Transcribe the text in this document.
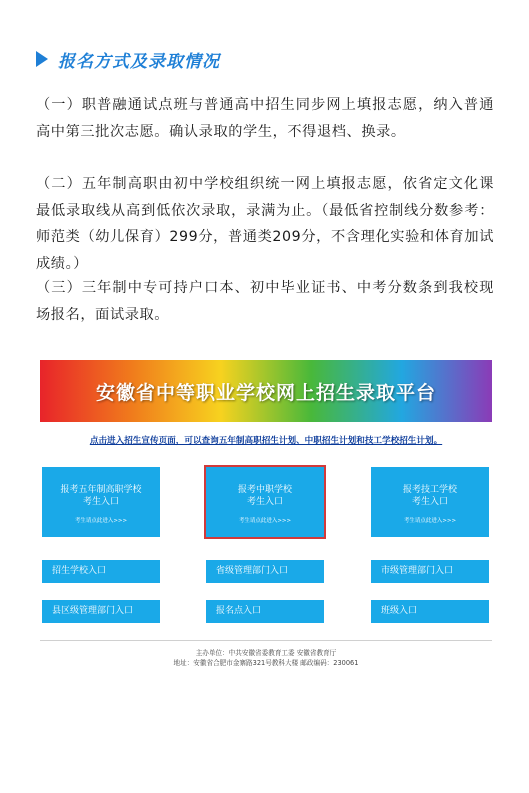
报名方式及录取情况

（一）职普融通试点班与普通高中招生同步网上填报志愿，纳入普通高中第三批次志愿。确认录取的学生，不得退档、换录。

（二）五年制高职由初中学校组织统一网上填报志愿，依省定文化课最低录取线从高到低依次录取，录满为止。（最低省控制线分数参考：师范类（幼儿保育）299分，普通类209分，不含理化实验和体育加试成绩。）

（三）三年制中专可持户口本、初中毕业证书、中考分数条到我校现场报名，面试录取。

安徽省中等职业学校网上招生录取平台
点击进入招生宣传页面，可以查询五年制高职招生计划、中职招生计划和技工学校招生计划。
报考五年制高职学校
考生入口
考生请点此进入>>>
报考中职学校
考生入口
考生请点此进入>>>
报考技工学校
考生入口
考生请点此进入>>>
招生学校入口	省级管理部门入口	市级管理部门入口
县区级管理部门入口	报名点入口	班级入口
主办单位：中共安徽省委教育工委 安徽省教育厅
地址：安徽省合肥市金寨路321号教科大楼 邮政编码：230061
